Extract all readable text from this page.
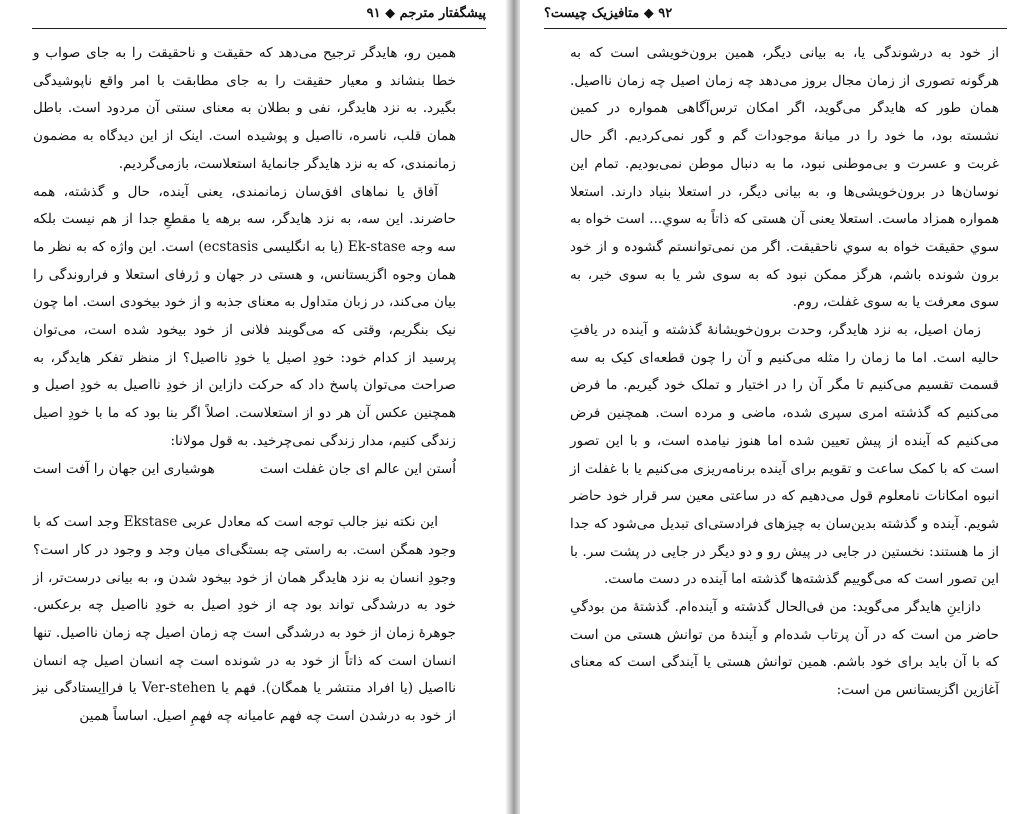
پیشگفتار مترجم ◆ ۹۱

همین رو، هایدگر ترجیح می‌دهد که حقیقت و ناحقیقت را به جای صواب و خطا بنشاند و معیار حقیقت را به جای مطابقت با امر واقع ناپوشیدگی بگیرد. به نزد هایدگر، نفی و بطلان به معنای سنتی آن مردود است. باطل همان قلب، ناسره، نااصیل و پوشیده است. اینک از این دیدگاه به مضمون زمانمندی، که به نزد هایدگر جانمایهٔ استعلاست، بازمی‌گردیم.

آفاق یا نماهای افق‌سان زمانمندی، یعنی آینده، حال و گذشته، همه حاضرند. این سه، به نزد هایدگر، سه برهه یا مقطعِ جدا از هم نیست بلکه سه وجه Ek-stase (یا به انگلیسی ecstasis) است. این واژه که به نظر ما همان وجوه اگزیستانس، و هستی در جهان و ژرفای استعلا و فراروندگی را بیان می‌کند، در زبان متداول به معنای جذبه و از خود بیخودی است. اما چون نیک بنگریم، وقتی که می‌گویند فلانی از خود بیخود شده است، می‌توان پرسید از کدام خود: خودِ اصیل یا خودِ نااصیل؟ از منظر تفکر هایدگر، به صراحت می‌توان پاسخ داد که حرکت دازاین از خودِ نااصیل به خودِ اصیل و همچنین عکس آن هر دو از استعلاست. اصلاً اگر بنا بود که ما با خودِ اصیل زندگی کنیم، مدار زندگی نمی‌چرخید. به قول مولانا:

اُستن این عالم ای جان غفلت است
هوشیاری این جهان را آفت است

این نکته نیز جالب توجه است که معادل عربی Ekstase وجد است که با وجود همگن است. به راستی چه بستگی‌ای میان وجد و وجود در کار است؟ وجودِ انسان به نزد هایدگر همان از خود بیخود شدن و، به بیانی درست‌تر، از خود به درشدگی تواند بود چه از خودِ اصیل به خودِ نااصیل چه برعکس. جوهرهٔ زمان از خود به درشدگی است چه زمان اصیل چه زمان نااصیل. تنها انسان است که ذاتاً از خود به در شونده است چه انسان اصیل چه انسان نااصیل (یا افراد منتشر یا همگان). فهم یا Ver-stehen یا فرااِیستادگی نیز از خود به درشدن است چه فهم عامیانه چه فهمِ اصیل. اساساً همین

۹۲ ◆ متافیزیک چیست؟

از خود به درشوندگی یا، به بیانی دیگر، همین برون‌خویشی است که به هرگونه تصوری از زمان مجال بروز می‌دهد چه زمان اصیل چه زمان نااصیل. همان طور که هایدگر می‌گوید، اگر امکان ترس‌آگاهی همواره در کمین نشسته بود، ما خود را در میانهٔ موجودات گم و گور نمی‌کردیم. اگر حال غربت و عسرت و بی‌موطنی نبود، ما به دنبال موطن نمی‌بودیم. تمام این نوسان‌ها در برون‌خویشی‌ها و، به بیانی دیگر، در استعلا بنیاد دارند. استعلا همواره همزاد ماست. استعلا یعنی آن هستی که ذاتاً به سوي... است خواه به سوي حقیقت خواه به سوي ناحقیقت. اگر من نمی‌توانستم گشوده و از خود برون شونده باشم، هرگز ممکن نبود که به سوی شر یا به سوی خیر، به سوی معرفت یا به سوی غفلت، روم.

زمان اصیل، به نزد هایدگر، وحدت برون‌خویشانهٔ گذشته و آینده در یافتِ حالیه است. اما ما زمان را مثله می‌کنیم و آن را چون قطعه‌ای کیک به سه قسمت تقسیم می‌کنیم تا مگر آن را در اختیار و تملک خود گیریم. ما فرض می‌کنیم که گذشته امری سپری شده، ماضی و مرده است. همچنین فرض می‌کنیم که آینده از پیش تعیین شده اما هنوز نیامده است، و با این تصور است که با کمک ساعت و تقویم برای آینده برنامه‌ریزی می‌کنیم یا با غفلت از انبوه امکانات نامعلوم قول می‌دهیم که در ساعتی معین سر قرار خود حاضر شویم. آینده و گذشته بدین‌سان به چیزهای فرادستی‌ای تبدیل می‌شود که جدا از ما هستند: نخستین در جایی در پیش رو و دو دیگر در جایی در پشت سر. با این تصور است که می‌گوییم گذشته‌ها گذشته اما آینده در دست ماست.

دازاینِ هایدگر می‌گوید: من فی‌الحال گذشته و آینده‌ام. گذشتهٔ من بودگیِ حاضر من است که در آن پرتاب شده‌ام و آیندهٔ من توانش هستی من است که با آن باید برای خود باشم. همین توانش هستی یا آیندگی است که معنای آغازین اگزیستانس من است:
